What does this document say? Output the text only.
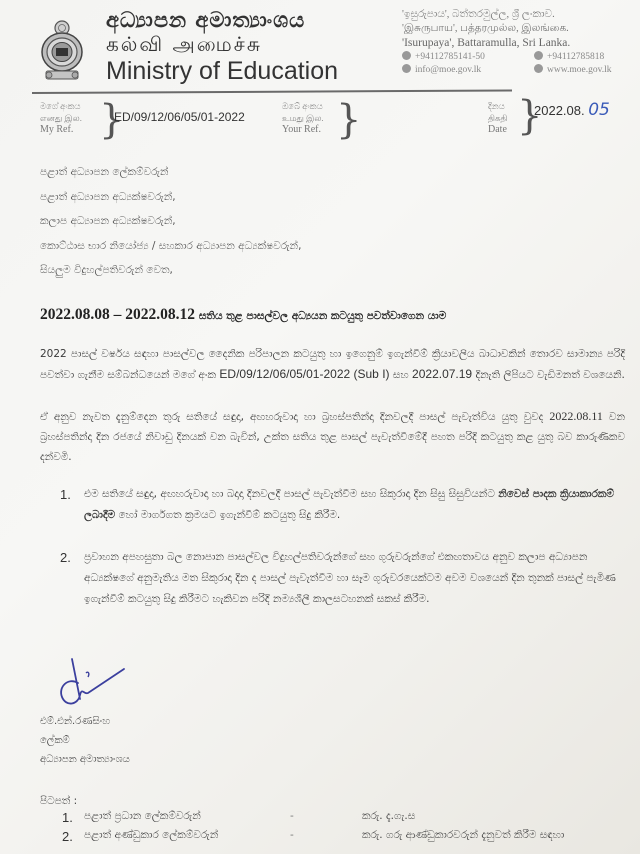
අධ්‍යාපන අමාත්‍යාංශය
கல்வி அமைச்சு
Ministry of Education
'ඉසුරුපාය', බත්තරමුල්ල, ශ්‍රී ලංකාව.
'இசுருபாய', பத்தரமுல்ல, இலங்கை.
'Isurupaya', Battaramulla, Sri Lanka.
+94112785141-50	+94112785818
info@moe.gov.lk	www.moe.gov.lk
මගේ අංකය
எனது இல.
My Ref. }
ED/09/12/06/05/01-2022
ඔබේ අංකය
உமது இல.
Your Ref. }	දිනය
திகதி
Date }
2022.08. 05
පළාත් අධ්‍යාපන ලේකම්වරුන්
පළාත් අධ්‍යාපන අධ්‍යක්ෂවරුන්,
කලාප අධ්‍යාපන අධ්‍යක්ෂවරුන්,
කොට්ඨාස භාර නියෝජ්‍ය / සහකාර අධ්‍යාපන අධ්‍යක්ෂවරුන්,
සියලුම විදුහල්පතිවරුන් වෙත,
2022.08.08 – 2022.08.12 සතිය තුළ පාසල්වල අධ්‍යයන කටයුතු පවත්වාගෙන යාම
2022 පාසල් වර්ෂය සඳහා පාසල්වල දෛනික පරිපාලන කටයුතු හා ඉගෙනුම් ඉගැන්වීම් ක්‍රියාවලිය බාධාවකින් තොරව සාමාන්‍ය පරිදි පවත්වා ගැනීම සම්බන්ධයෙන් මගේ අංක ED/09/12/06/05/01-2022 (Sub I) සහ 2022.07.19 දිනැති ලිපියට වැඩිමනත් වශයෙනි.
ඒ අනුව නැවත දැනුම්දෙන තුරු සතියේ සඳුදා, අඟහරුවාදා හා බ්‍රහස්පතින්දා දිනවලදී පාසල් පැවැත්විය යුතු වුවද 2022.08.11 වන බ්‍රහස්පතින්දා දින රජයේ නිවාඩු දිනයක් වන බැවින්, උක්ත සතිය තුළ පාසල් පැවැත්වීමේදී පහත පරිදි කටයුතු කළ යුතු බව කාරුණිකව දන්වමි.
1. එම සතියේ සඳුදා, අඟහරුවාදා හා බදාදා දිනවලදී පාසල් පැවැත්වීම සහ සිකුරාදා දින සිසු සිසුවියන්ට නිවෙස් පාදක ක්‍රියාකාරකම් ලබාදීම හෝ මාර්ගගත ක්‍රමයට ඉගැන්වීම් කටයුතු සිදු කිරීම.
2. ප්‍රවාහන අපහසුතා බල නොපාන පාසල්වල විදුහල්පතිවරුන්ගේ සහ ගුරුවරුන්ගේ එකඟතාවය අනුව කලාප අධ්‍යාපන අධ්‍යක්ෂගේ අනුමැතිය මත සිකුරාදා දින ද පාසල් පැවැත්වීම හා සෑම ගුරුවරයෙක්ටම අවම වශයෙන් දින තුනක් පාසල් පැමිණ ඉගැන්වීම් කටයුතු සිදු කිරීමට හැකිවන පරිදි නම්‍යශීලී කාලසටහනක් සකස් කිරීම.
එම්.එන්.රණසිංහ
ලේකම්
අධ්‍යාපන අමාත්‍යාංශය
පිටපත් :
1. පළාත් ප්‍රධාන ලේකම්වරුන්	-	කරු. දැ.ගැ.ස
2. පළාත් අණ්ඩුකාර ලේකම්වරුන්	-	කරු. ගරු ආණ්ඩුකාරවරුන් දැනුවත් කිරීම සඳහා
